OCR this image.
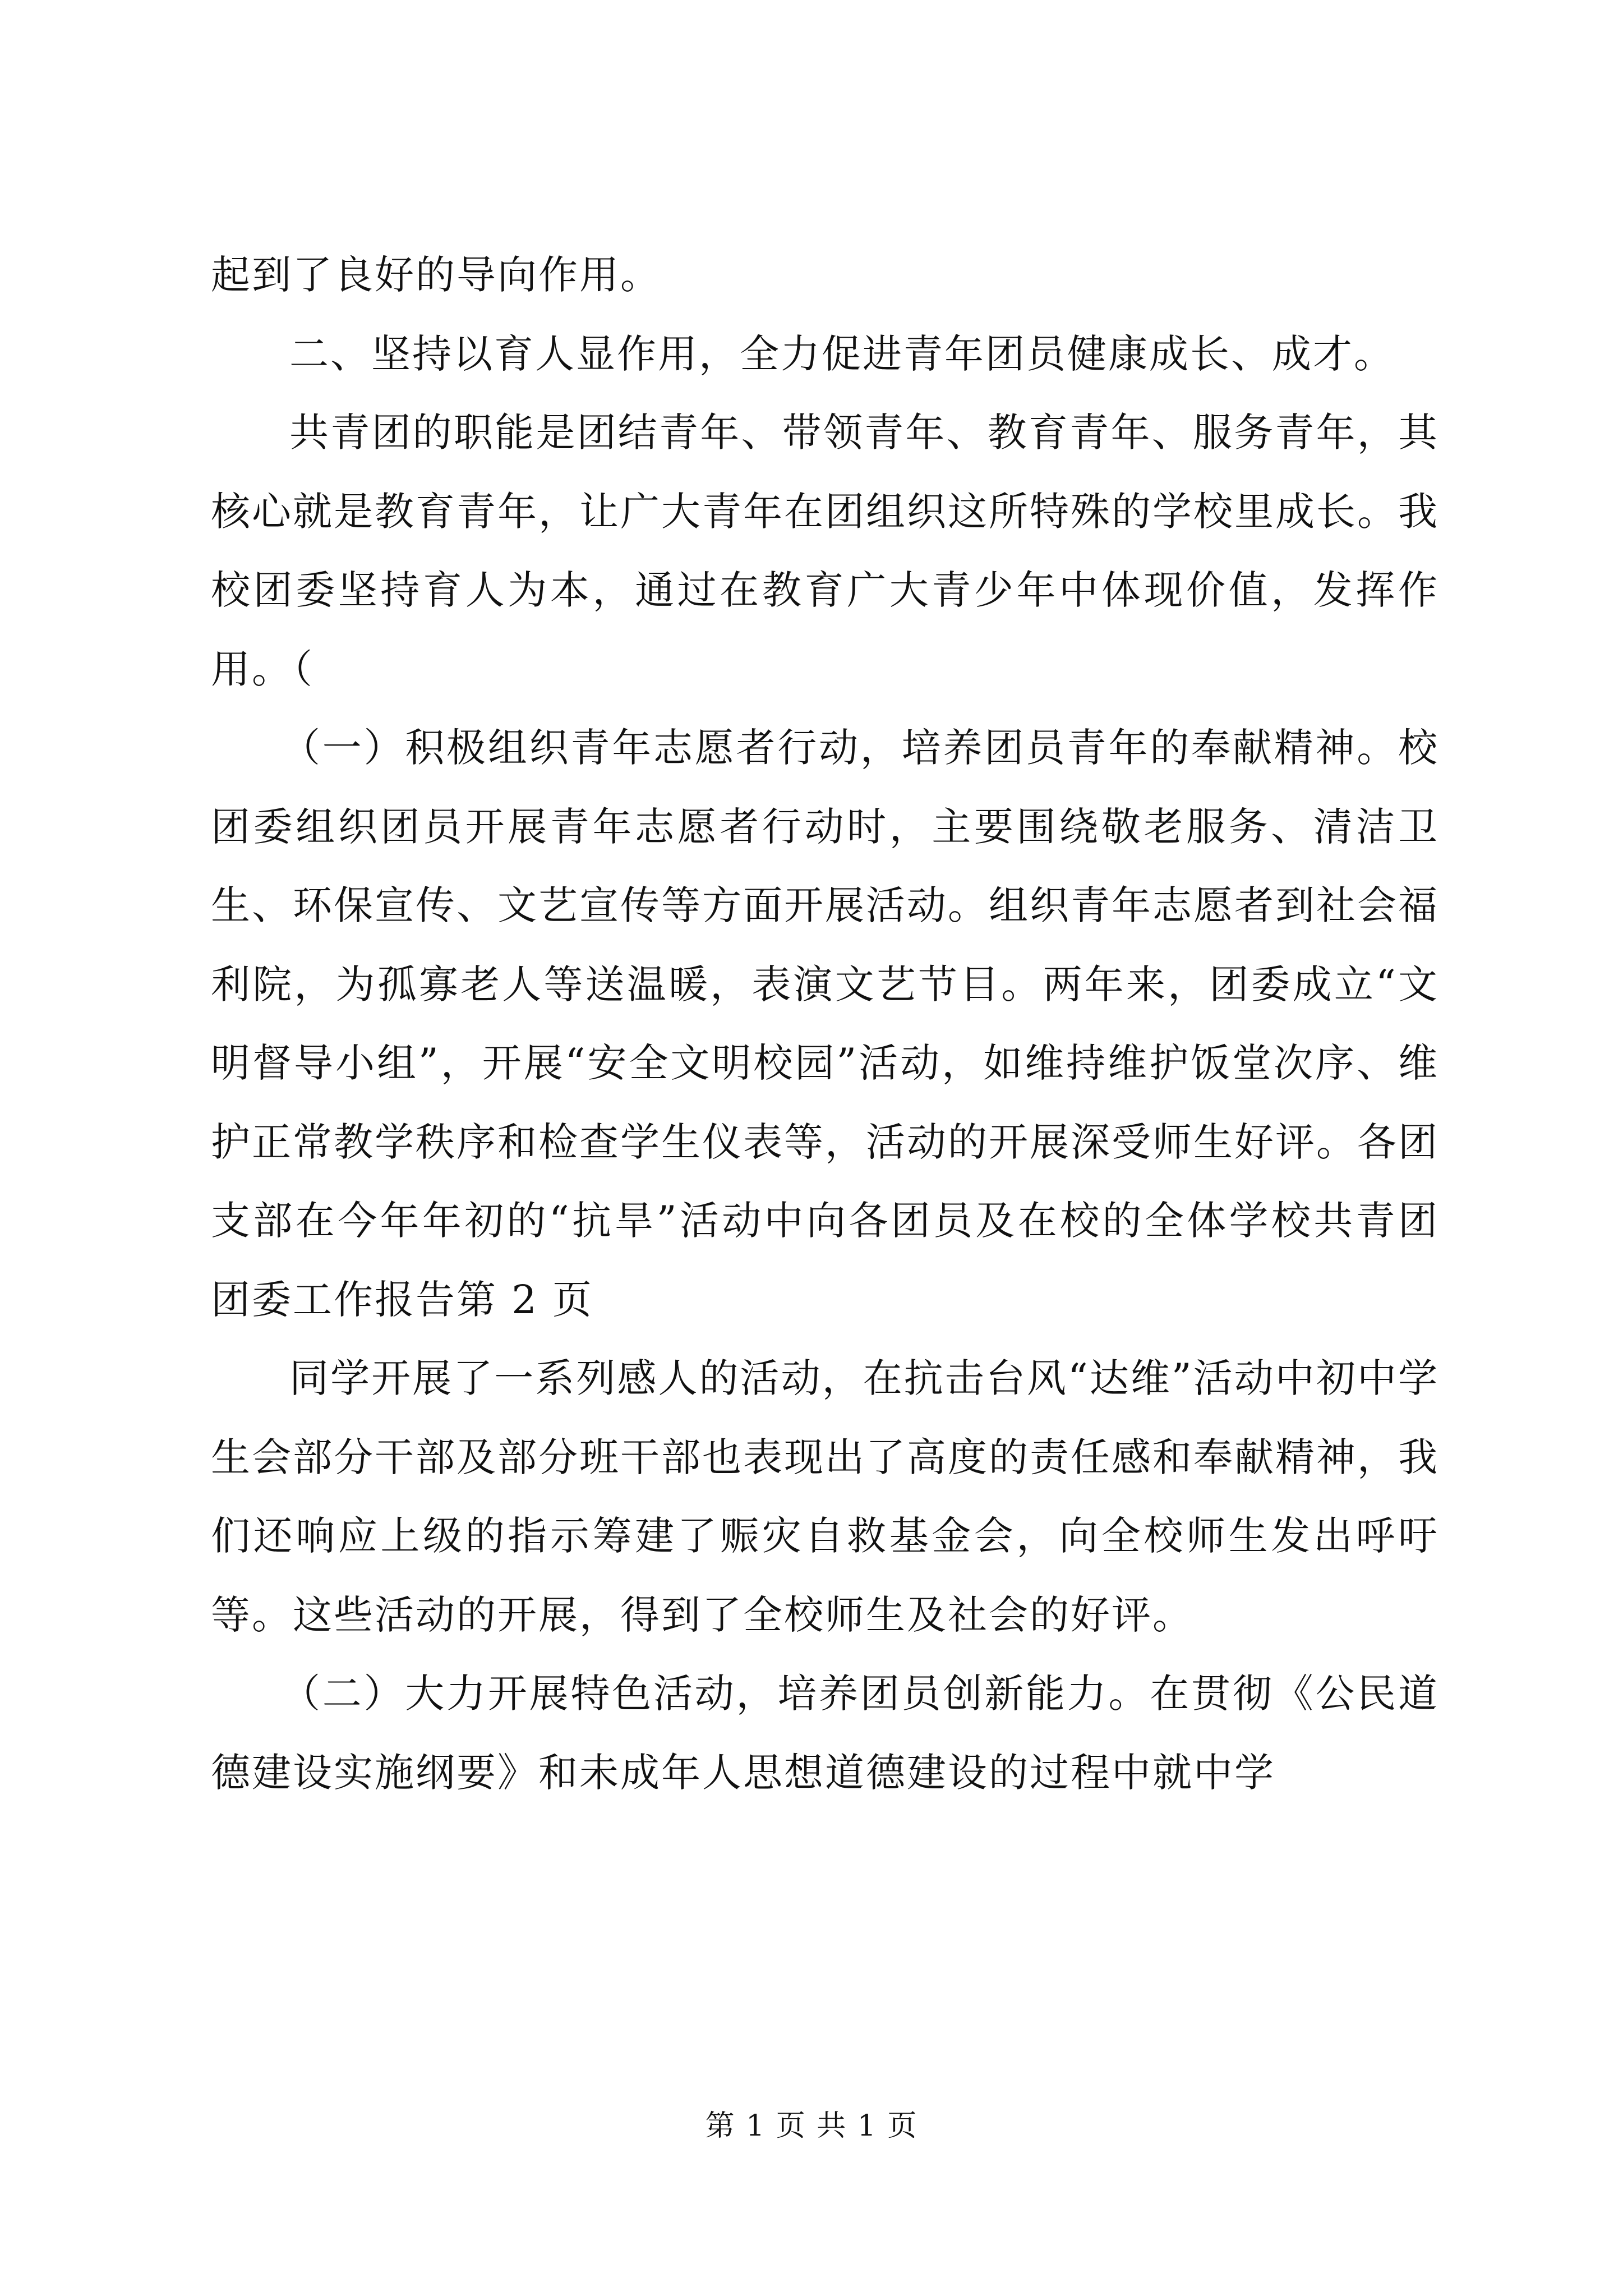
起到了良好的导向作用。

二、坚持以育人显作用，全力促进青年团员健康成长、成才。

共青团的职能是团结青年、带领青年、教育青年、服务青年，其核心就是教育青年，让广大青年在团组织这所特殊的学校里成长。我校团委坚持育人为本，通过在教育广大青少年中体现价值，发挥作用。（

（一）积极组织青年志愿者行动，培养团员青年的奉献精神。校团委组织团员开展青年志愿者行动时，主要围绕敬老服务、清洁卫生、环保宣传、文艺宣传等方面开展活动。组织青年志愿者到社会福利院，为孤寡老人等送温暖，表演文艺节目。两年来，团委成立“文明督导小组”，开展“安全文明校园”活动，如维持维护饭堂次序、维护正常教学秩序和检查学生仪表等，活动的开展深受师生好评。各团支部在今年年初的“抗旱”活动中向各团员及在校的全体学校共青团团委工作报告第 2 页

同学开展了一系列感人的活动，在抗击台风“达维”活动中初中学生会部分干部及部分班干部也表现出了高度的责任感和奉献精神，我们还响应上级的指示筹建了赈灾自救基金会，向全校师生发出呼吁等。这些活动的开展，得到了全校师生及社会的好评。

（二）大力开展特色活动，培养团员创新能力。在贯彻《公民道德建设实施纲要》和未成年人思想道德建设的过程中就中学

第 1 页 共 1 页
